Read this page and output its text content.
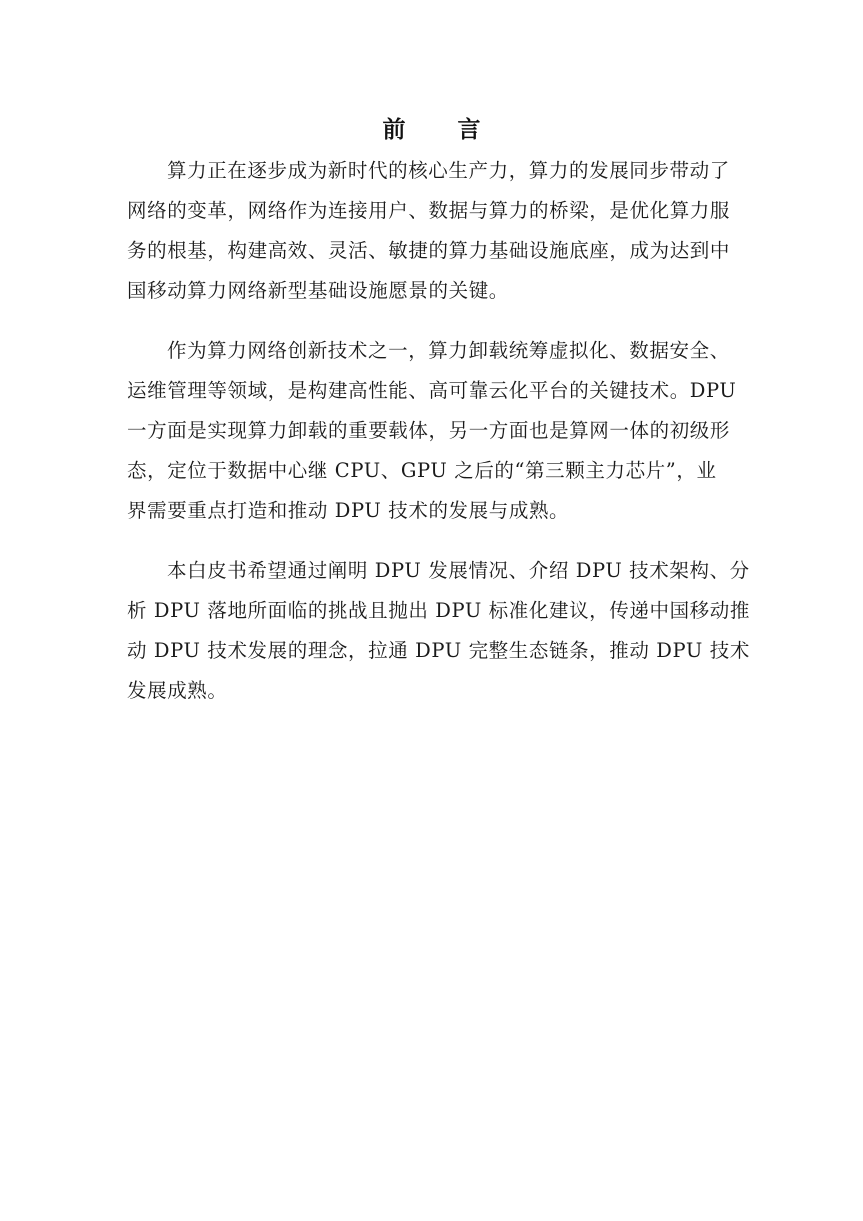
前 言
算力正在逐步成为新时代的核心生产力，算力的发展同步带动了
网络的变革，网络作为连接用户、数据与算力的桥梁，是优化算力服
务的根基，构建高效、灵活、敏捷的算力基础设施底座，成为达到中
国移动算力网络新型基础设施愿景的关键。
作为算力网络创新技术之一，算力卸载统筹虚拟化、数据安全、
运维管理等领域，是构建高性能、高可靠云化平台的关键技术。DPU
一方面是实现算力卸载的重要载体，另一方面也是算网一体的初级形
态，定位于数据中心继 CPU、GPU 之后的“第三颗主力芯片”，业
界需要重点打造和推动 DPU 技术的发展与成熟。
本白皮书希望通过阐明 DPU 发展情况、介绍 DPU 技术架构、分
析 DPU 落地所面临的挑战且抛出 DPU 标准化建议，传递中国移动推
动 DPU 技术发展的理念，拉通 DPU 完整生态链条，推动 DPU 技术
发展成熟。
